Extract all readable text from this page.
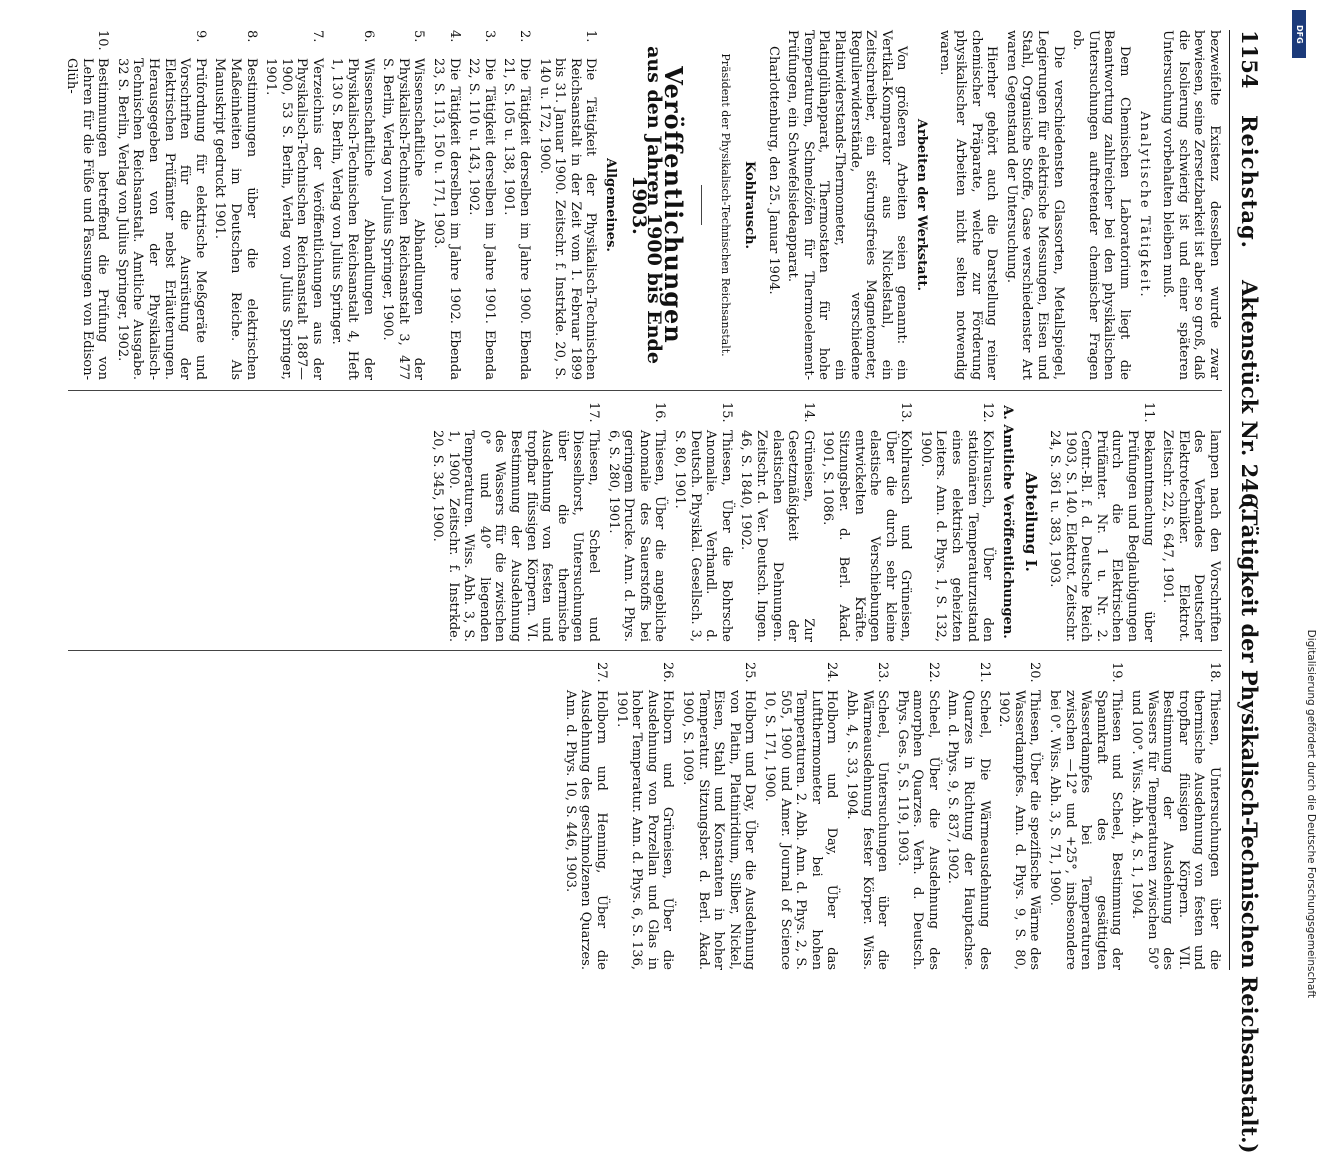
1154
Reichstag.
Aktenstück Nr. 246.
(Tätigkeit der Physikalisch-Technischen Reichsanstalt.)

bezweifelte Existenz desselben wurde zwar bewiesen, seine Zersetzbarkeit ist aber so groß, daß die Isolierung schwierig ist und einer späteren Untersuchung vorbehalten bleiben muß.

Analytische Tätigkeit.

Dem Chemischen Laboratorium liegt die Beantwortung zahlreicher bei den physikalischen Untersuchungen auftretender chemischer Fragen ob.

Die verschiedensten Glassorten, Metallspiegel, Legierungen für elektrische Messungen, Eisen und Stahl, Organische Stoffe, Gase verschiedenster Art waren Gegenstand der Untersuchung.

Hierher gehört auch die Darstellung reiner chemischer Präparate, welche zur Förderung physikalischer Arbeiten nicht selten notwendig waren.

Arbeiten der Werkstatt.

Von größeren Arbeiten seien genannt: ein Vertikal-Komparator aus Nickelstahl, ein Zeitschreiber, ein störungsfreies Magnetometer, Regulierwiderstände, verschiedene Platinwiderstands-Thermometer, ein Platinglühapparat, Thermostaten für hohe Temperaturen, Schmelzöfen für Thermoelement-Prüfungen, ein Schwefelsiedeapparat.

Charlottenburg, den 25. Januar 1904.

Kohlrausch.
Präsident der Physikalisch-Technischen Reichsanstalt.
Veröffentlichungen
aus den Jahren 1900 bis Ende 1903.
Allgemeines.
1.
Die Tätigkeit der Physikalisch-Technischen Reichsanstalt in der Zeit vom 1. Februar 1899 bis 31. Januar 1900. Zeitschr. f. Instrkde. 20, S. 140 u. 172, 1900.
2.
Die Tätigkeit derselben im Jahre 1900. Ebenda 21, S. 105 u. 138, 1901.
3.
Die Tätigkeit derselben im Jahre 1901. Ebenda 22, S. 110 u. 143, 1902.
4.
Die Tätigkeit derselben im Jahre 1902. Ebenda 23, S. 113, 150 u. 171, 1903.
5.
Wissenschaftliche Abhandlungen der Physikalisch-Technischen Reichsanstalt 3, 477 S. Berlin, Verlag von Julius Springer, 1900.
6.
Wissenschaftliche Abhandlungen der Physikalisch-Technischen Reichsanstalt 4, Heft 1, 130 S. Berlin, Verlag von Julius Springer.
7.
Verzeichnis der Veröffentlichungen aus der Physikalisch-Technischen Reichsanstalt 1887—1900, 53 S. Berlin, Verlag von Julius Springer, 1901.
8.
Bestimmungen über die elektrischen Maßeinheiten im Deutschen Reiche. Als Manuskript gedruckt 1901.
9.
Prüfordnung für elektrische Meßgeräte und Vorschriften für die Ausrüstung der Elektrischen Prüfämter nebst Erläuterungen. Herausgegeben von der Physikalisch-Technischen Reichsanstalt. Amtliche Ausgabe. 32 S. Berlin, Verlag von Julius Springer, 1902.
10.
Bestimmungen betreffend die Prüfung von Lehren für die Füße und Fassungen von Edison-Glüh-
lampen nach den Vorschriften des Verbandes Deutscher Elektrotechniker. Elektrot. Zeitschr. 22, S. 647, 1901.
11.
Bekanntmachung über Prüfungen und Beglaubigungen durch die Elektrischen Prüfämter. Nr. 1 u. Nr. 2. Centr.-Bl. f. d. Deutsche Reich 1903, S. 140. Elektrot. Zeitschr. 24, S. 361 u. 383, 1903.
Abteilung I.
A. Amtliche Veröffentlichungen.
12.
Kohlrausch, Über den stationären Temperaturzustand eines elektrisch geheizten Leiters. Ann. d. Phys. 1, S. 132, 1900.
13.
Kohlrausch und Grüneisen, Über die durch sehr kleine elastische Verschiebungen entwickelten Kräfte. Sitzungsber. d. Berl. Akad. 1901, S. 1086.
14.
Grüneisen, Zur Gesetzmäßigkeit der elastischen Dehnungen. Zeitschr. d. Ver. Deutsch. Ingen. 46, S. 1840, 1902.
15.
Thiesen, Über die Bohrsche Anomalie. Verhandl. d. Deutsch. Physikal. Gesellsch. 3, S. 80, 1901.
16.
Thiesen, Über die angebliche Anomalie des Sauerstoffs bei geringem Drucke. Ann. d. Phys. 6, S. 280, 1901.
17.
Thiesen, Scheel und Diesselhorst, Untersuchungen über die thermische Ausdehnung von festen und tropfbar flüssigen Körpern. VI. Bestimmung der Ausdehnung des Wassers für die zwischen 0° und 40° liegenden Temperaturen. Wiss. Abh. 3, S. 1, 1900. Zeitschr. f. Instrkde. 20, S. 345, 1900.
18.
Thiesen, Untersuchungen über die thermische Ausdehnung von festen und tropfbar flüssigen Körpern. VII. Bestimmung der Ausdehnung des Wassers für Temperaturen zwischen 50° und 100°. Wiss. Abh. 4, S. 1, 1904.
19.
Thiesen und Scheel, Bestimmung der Spannkraft des gesättigten Wasserdampfes bei Temperaturen zwischen —12° und +25°, insbesondere bei 0°. Wiss. Abh. 3, S. 71, 1900.
20.
Thiesen, Über die spezifische Wärme des Wasserdampfes. Ann. d. Phys. 9, S. 80, 1902.
21.
Scheel, Die Wärmeausdehnung des Quarzes in Richtung der Hauptachse. Ann. d. Phys. 9, S. 837, 1902.
22.
Scheel, Über die Ausdehnung des amorphen Quarzes. Verh. d. Deutsch. Phys. Ges. 5, S. 119, 1903.
23.
Scheel, Untersuchungen über die Wärmeausdehnung fester Körper. Wiss. Abh. 4, S. 33, 1904.
24.
Holborn und Day, Über das Luftthermometer bei hohen Temperaturen. 2. Abh. Ann. d. Phys. 2, S. 505, 1900 und Amer. Journal of Science 10, S. 171, 1900.
25.
Holborn und Day, Über die Ausdehnung von Platin, Platiniridium, Silber, Nickel, Eisen, Stahl und Konstanten in hoher Temperatur. Sitzungsber. d. Berl. Akad. 1900, S. 1009.
26.
Holborn und Grüneisen, Über die Ausdehnung von Porzellan und Glas in hoher Temperatur. Ann. d. Phys. 6, S. 136, 1901.
27.
Holborn und Henning, Über die Ausdehnung des geschmolzenen Quarzes. Ann. d. Phys. 10, S. 446, 1903.
DFG
Digitalisierung gefördert durch die Deutsche Forschungsgemeinschaft
